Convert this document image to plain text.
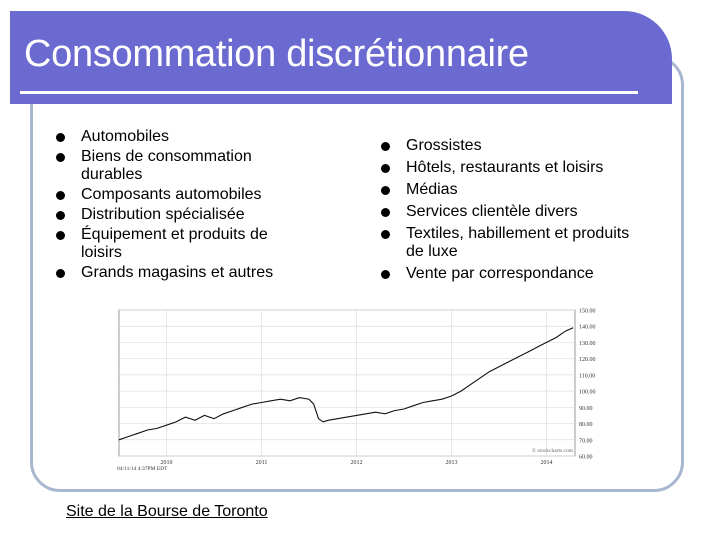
Consommation discrétionnaire
Automobiles
Biens de consommation durables
Composants automobiles
Distribution spécialisée
Équipement et produits de loisirs
Grands magasins et autres
Grossistes
Hôtels, restaurants et loisirs
Médias
Services clientèle divers
Textiles, habillement et produits de luxe
Vente par correspondance
60.00
70.00
80.00
90.00
100.00
110.00
120.00
130.00
140.00
150.00
2010	2011	2012	2013	2014
04/11/14 4:37PM EDT
© stockcharts.com
Site de la Bourse de Toronto
